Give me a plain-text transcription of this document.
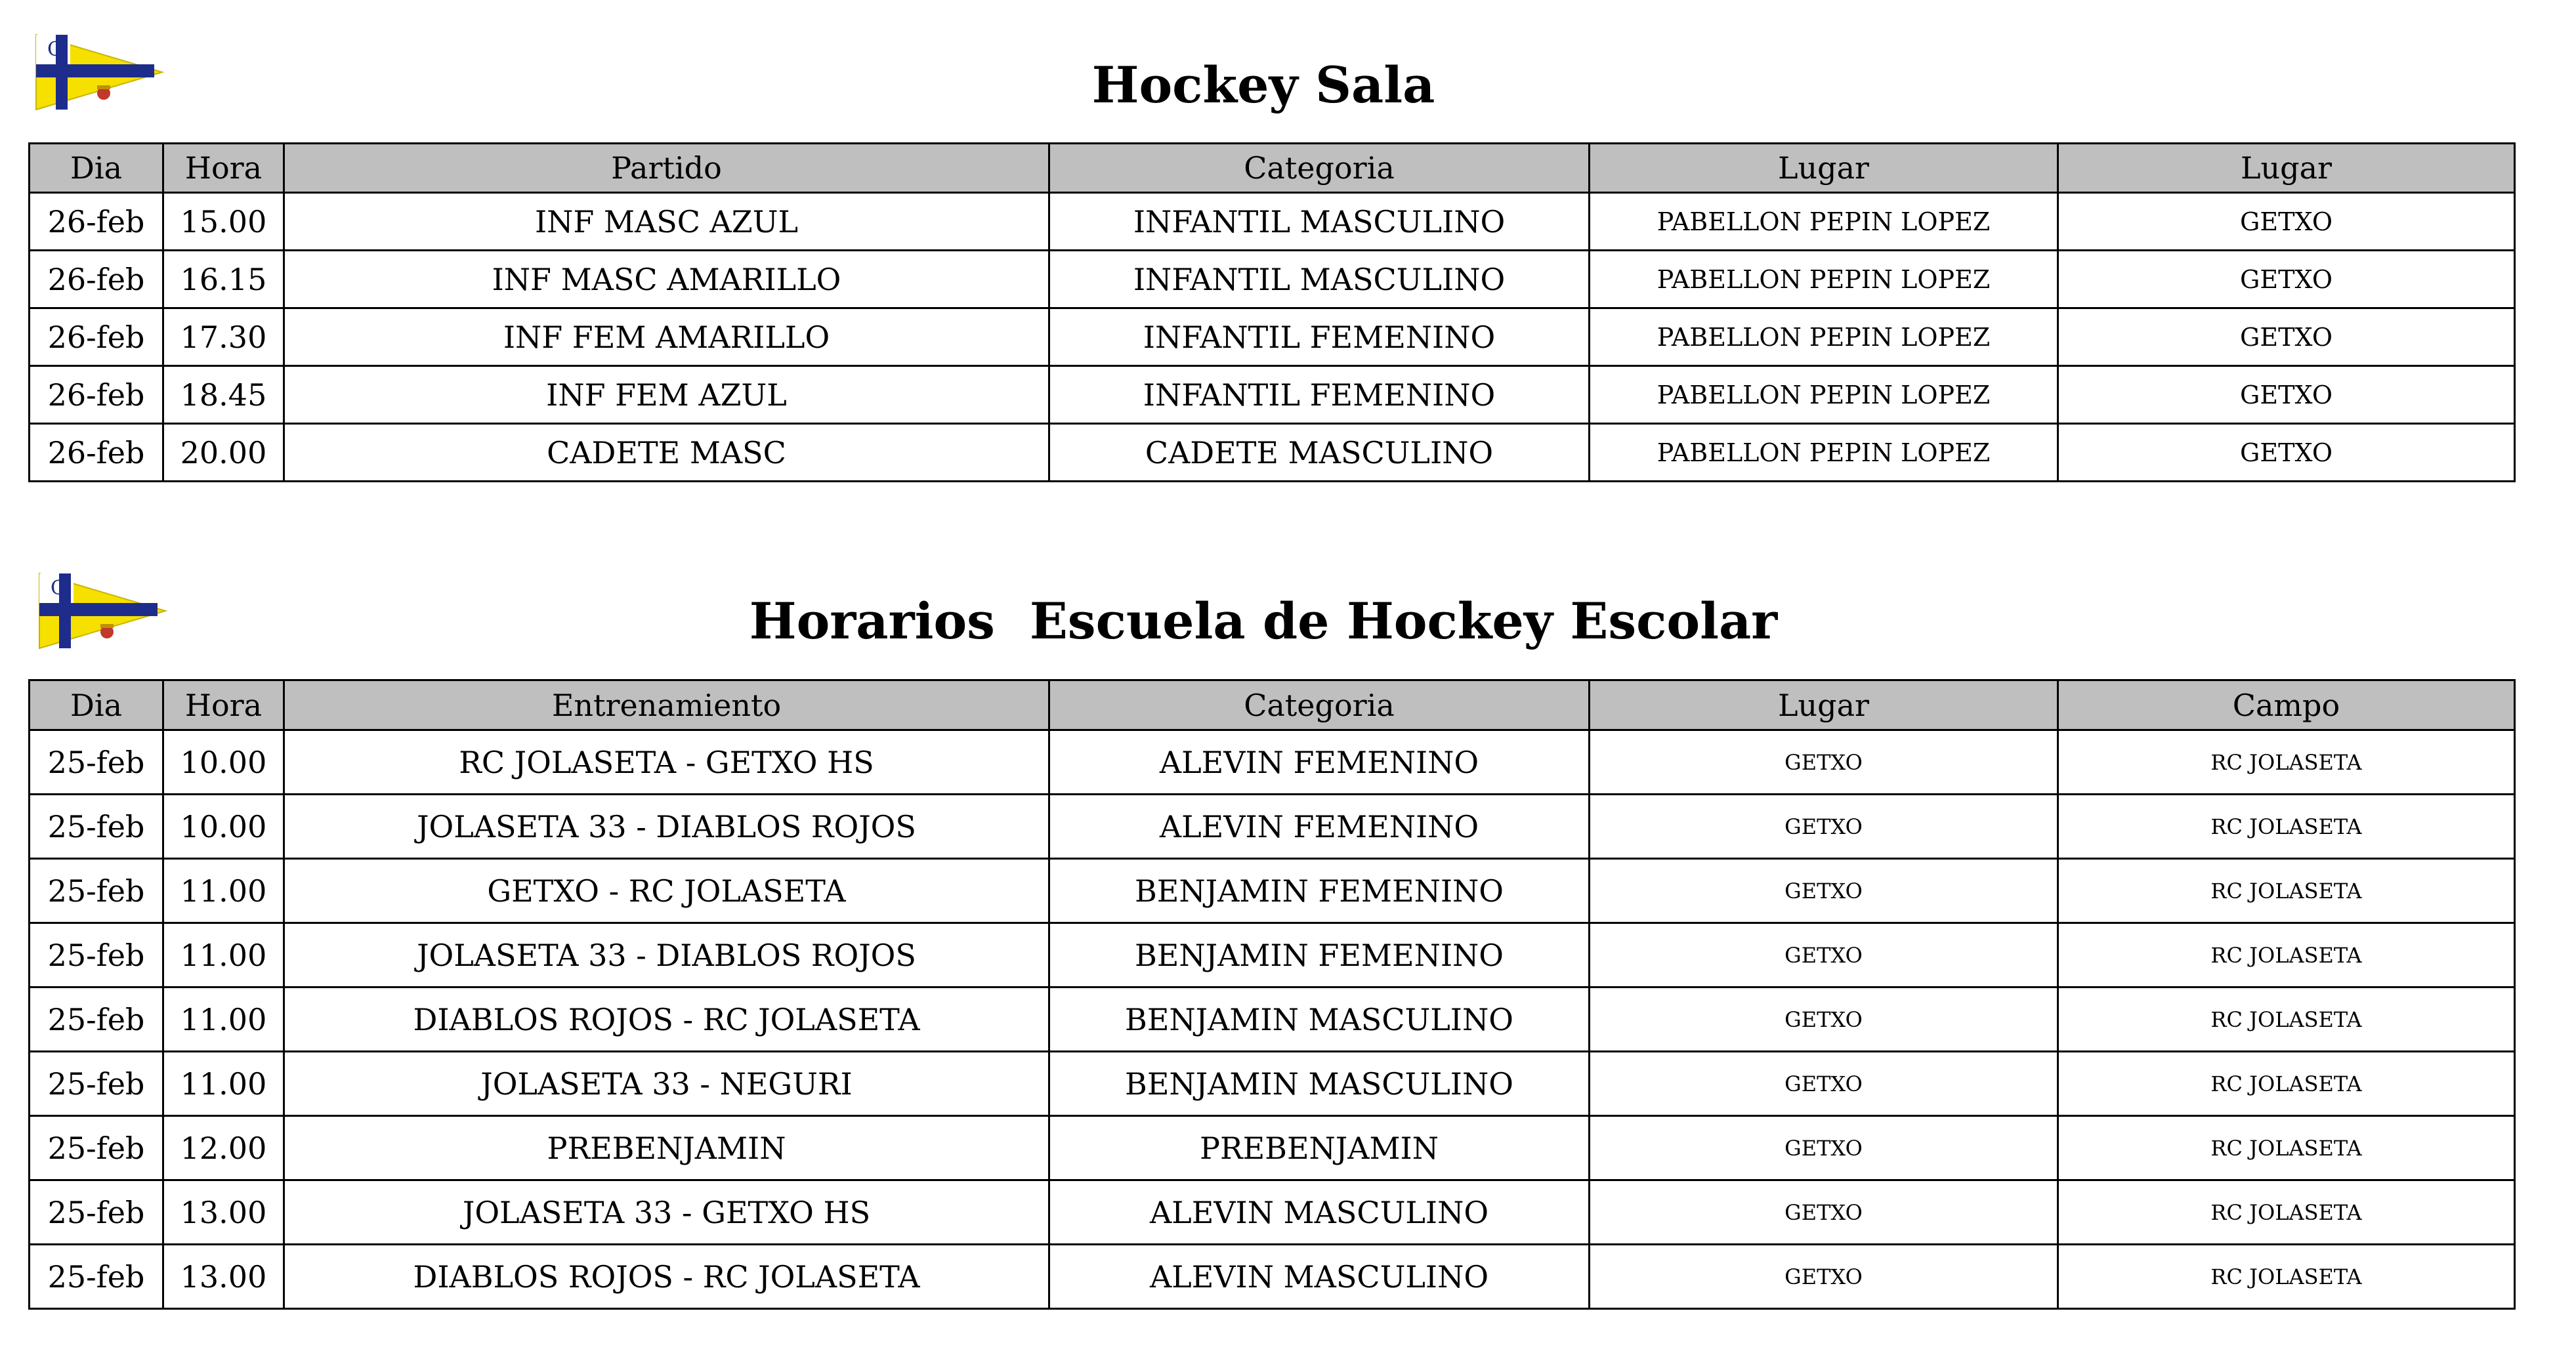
C
Hockey Sala
Dia	Hora	Partido	Categoria	Lugar	Lugar
26-feb	15.00	INF MASC AZUL	INFANTIL MASCULINO	PABELLON PEPIN LOPEZ	GETXO
26-feb	16.15	INF MASC AMARILLO	INFANTIL MASCULINO	PABELLON PEPIN LOPEZ	GETXO
26-feb	17.30	INF FEM AMARILLO	INFANTIL FEMENINO	PABELLON PEPIN LOPEZ	GETXO
26-feb	18.45	INF FEM AZUL	INFANTIL FEMENINO	PABELLON PEPIN LOPEZ	GETXO
26-feb	20.00	CADETE MASC	CADETE MASCULINO	PABELLON PEPIN LOPEZ	GETXO
C
Horarios  Escuela de Hockey Escolar
Dia	Hora	Entrenamiento	Categoria	Lugar	Campo
25-feb	10.00	RC JOLASETA - GETXO HS	ALEVIN FEMENINO	GETXO	RC JOLASETA
25-feb	10.00	JOLASETA 33 - DIABLOS ROJOS	ALEVIN FEMENINO	GETXO	RC JOLASETA
25-feb	11.00	GETXO - RC JOLASETA	BENJAMIN FEMENINO	GETXO	RC JOLASETA
25-feb	11.00	JOLASETA 33 - DIABLOS ROJOS	BENJAMIN FEMENINO	GETXO	RC JOLASETA
25-feb	11.00	DIABLOS ROJOS - RC JOLASETA	BENJAMIN MASCULINO	GETXO	RC JOLASETA
25-feb	11.00	JOLASETA 33 - NEGURI	BENJAMIN MASCULINO	GETXO	RC JOLASETA
25-feb	12.00	PREBENJAMIN	PREBENJAMIN	GETXO	RC JOLASETA
25-feb	13.00	JOLASETA 33 - GETXO HS	ALEVIN MASCULINO	GETXO	RC JOLASETA
25-feb	13.00	DIABLOS ROJOS - RC JOLASETA	ALEVIN MASCULINO	GETXO	RC JOLASETA
